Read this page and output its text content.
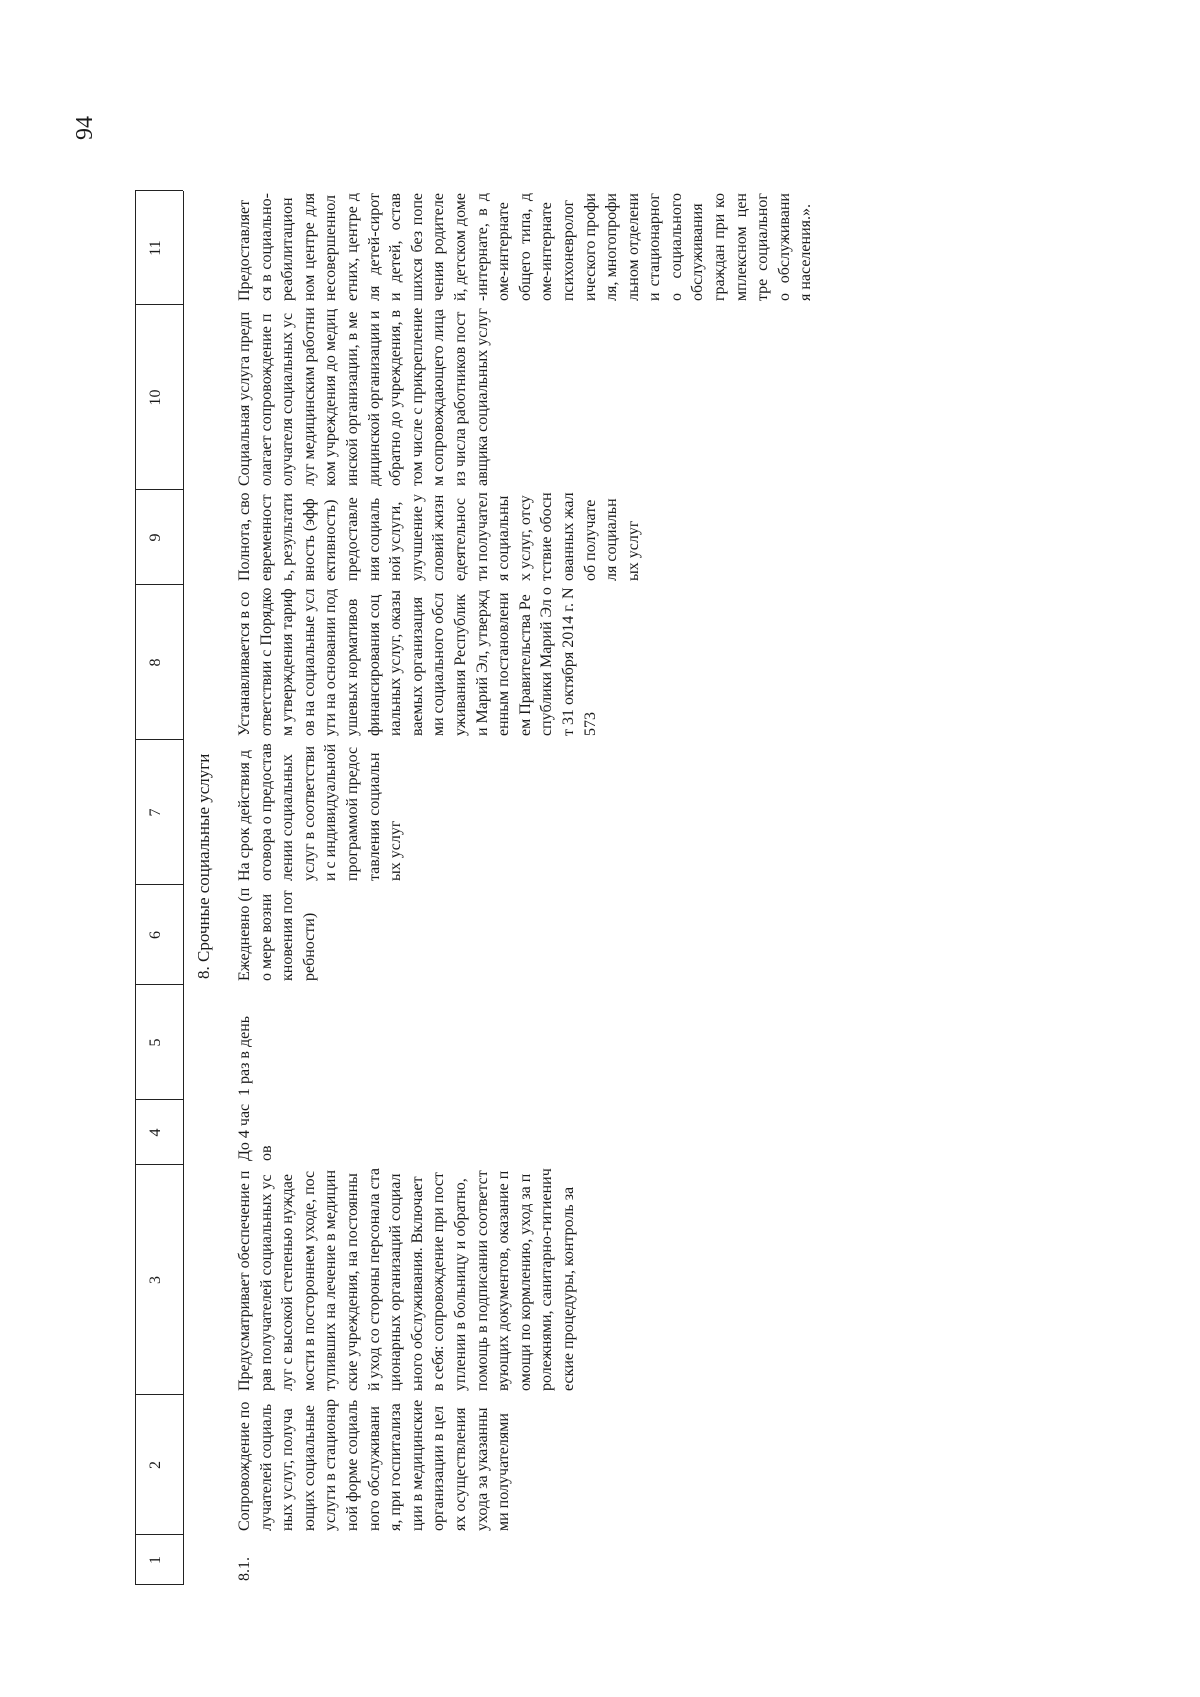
94
1
2
3
4
5
6
7
8
9
10
11
8. Срочные социальные услуги
8.1.
Сопровождение получателей социальных услуг, получающих социальные услуги в стационарной форме социального обслуживания, при госпитализации в медицинские организации в целях осуществления ухода за указанными получателями
Предусматривает обеспечение прав получателей социальных услуг с высокой степенью нуждаемости в постороннем уходе, поступивших на лечение в медицинские учреждения, на постоянный уход со стороны персонала стационарных организаций социального обслуживания. Включает в себя: сопровождение при поступлении в больницу и обратно, помощь в подписании соответствующих документов, оказание помощи по кормлению, уход за пролежнями, санитарно-гигиенические процедуры, контроль за
До 4 часов
1 раз в день
Ежедневно (по мере возникновения потребности)
На срок действия договора о предоставлении социальных услуг в соответствии с индивидуальной программой предоставления социальных услуг
Устанавливается в соответствии с Порядком утверждения тарифов на социальные услуги на основании подушевых нормативов финансирования социальных услуг, оказываемых организациями социального обслуживания Республики Марий Эл, утвержденным постановлением Правительства Республики Марий Эл от 31 октября 2014 г. N 573
Полнота, своевременность, результативность (эффективность) предоставления социальной услуги, улучшение условий жизнедеятельности получателя социальных услуг, отсутствие обоснованных жалоб получателя социальных услуг
Социальная услуга предполагает сопровождение получателя социальных услуг медицинским работником учреждения до медицинской организации, в медицинской организации и обратно до учреждения, в том числе с прикреплением сопровождающего лица из числа работников поставщика социальных услуг
Предоставляется в социально-реабилитационном центре для несовершеннолетних, центре для детей-сирот и детей, оставшихся без попечения родителей, детском доме-интернате, в доме-интернате общего типа, доме-интернате психоневрологического профиля, многопрофильном отделении стационарного социального обслуживания граждан при комплексном центре социального обслуживания населения.».
